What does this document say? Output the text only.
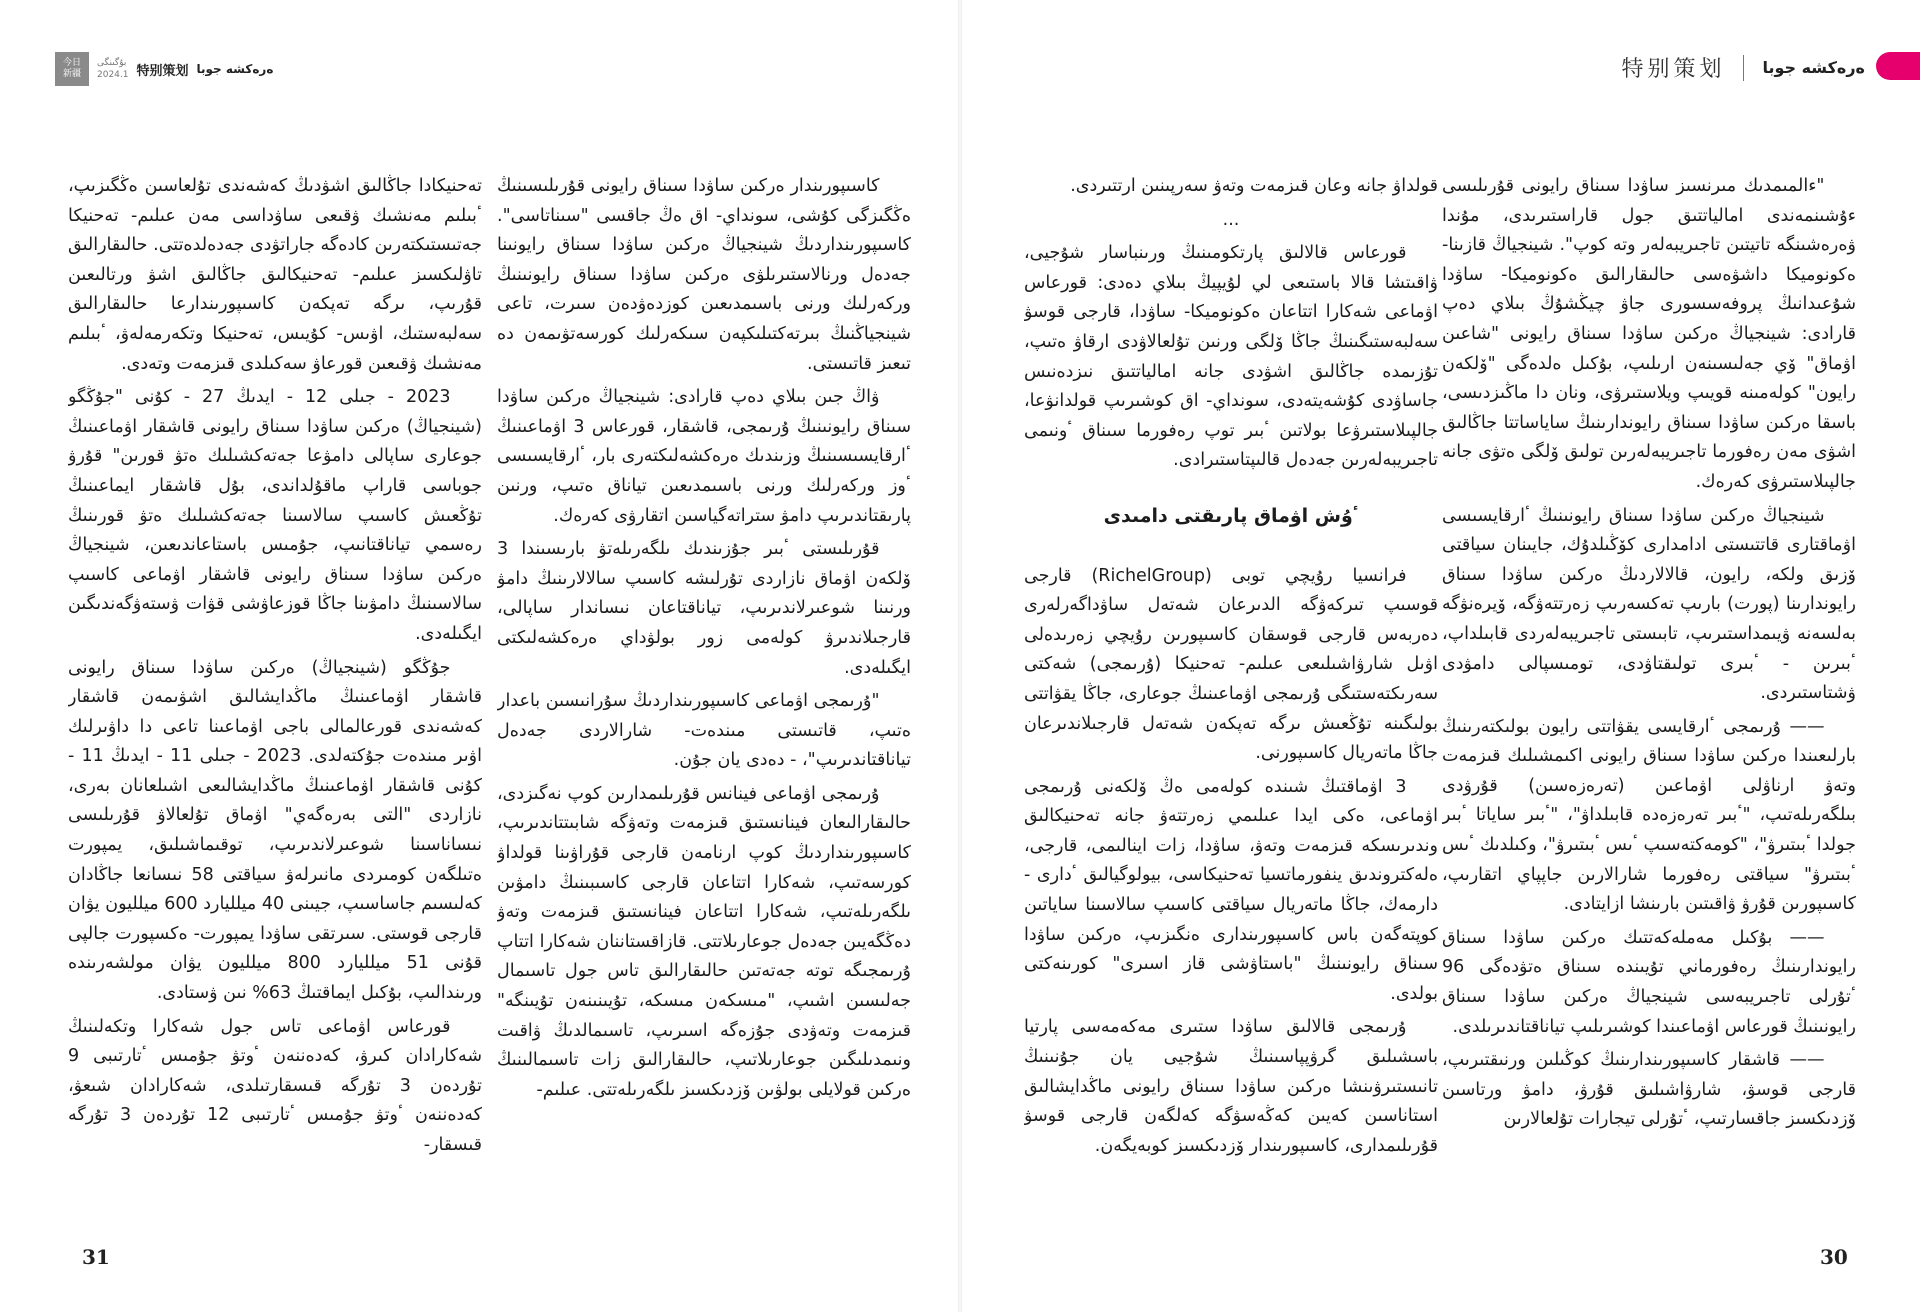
今日
新疆
بۇگىنگى
2024.1 特别策划 ەرەكشە جوبا

كاسىپورىندار ەركىن ساۋدا سىناق رايونى قۇرىلىسىنىڭ ەڭگىزگى كۇشى، سونداي- اق ەڭ جاقسى "سىناتاسى". كاسىپورىنداردىڭ شينجياڭ ەركىن ساۋدا سىناق رايونىنا جەدەل ورنالاستىرىلۋى ەركىن ساۋدا سىناق رايونىنىڭ وركەرلىك ورنى باسىمدىعىن كوزدەۋدەن سىرت، تاعى شينجياڭنىڭ بىرتەكتىلىكپەن سىكەرلىك كورسەتۋىمەن دە تىعىز قاتىستى.

ۋاڭ جىن بىلاي دەپ قارادى: شينجياڭ ەركىن ساۋدا سىناق رايونىنىڭ ۇرىمجى، قاشقار، قورعاس 3 اۋماعىنىڭ ٴارقايسىسىنىڭ وزىندىك ەرەكشەلىكتەرى بار، ٴارقايسىسى ٴوز وركەرلىك ورنى باسىمدىعىن تياناق ەتىپ، ورنىن پارىقتاندىرىپ دامۋ ستراتەگياسىن اتقارۋى كەرەك.

قۇرىلىستى ٴبىر جۇزىندىك ىلگەرىلەتۋ بارىسىندا 3 ۆلكەن اۋماق نازاردى تۇرلىشە كاسىپ سالالارىنىڭ دامۋ ورنىنا شوعىرلاندىرىپ، تياناقتاعان نىساندار ساپالى، قارجىلاندىرۋ كولەمى زور بولۋداي ەرەكشەلىكتى ايگىلەدى.

"ۇرىمجى اۋماعى كاسىپورىنداردىڭ سۇرانىسىن باعدار ەتىپ، قاتىستى مىندەت- شارالاردى جەدەل تياناقتاندىرىپ"، - دەدى يان جۇن.

ۇرىمجى اۋماعى فينانس قۇرىلىمدارىن كوپ نەگىزدى، حالىقارالىعان فينانستىق قىزمەت وتەۋگە شابىتتاندىرىپ، كاسىپورىنداردىڭ كوپ ارنامەن قارجى قۇراۋىنا قولداۋ كورسەتىپ، شەكارا اتتاعان قارجى كاسىبىنىڭ دامۋىن ىلگەرىلەتىپ، شەكارا اتتاعان فينانستىق قىزمەت وتەۋ دەڭگەيىن جەدەل جوعارىلاتتى. قازاقستاننان شەكارا اتتاپ ۇرىمجىگە توتە جەتەتىن حالىقارالىق تاس جول تاسىمال جەلىسىن اشىپ، "مىسكەن مىسكە، تۇيىنىنەن تۇيىنگە" قىزمەت وتەۋدى جۇزەگە اسىرىپ، تاسىمالدىڭ ۋاقىت ونىمدىلىگىن جوعارىلاتىپ، حالىقارالىق زات تاسىمالىنىڭ ەركىن قولايلى بولۋىن ۆزدىكسىز ىلگەرىلەتتى. عىلىم-

تەحنيكادا جاڭالىق اشۋدىڭ كەشەندى تۇلعاسىن ەڭگىزىپ، ٴبىلىم مەنشىك ۋقىعى ساۋداسى مەن عىلىم- تەحنيكا جەتىستىكتەرىن كادەگە جاراتۋدى جەدەلدەتتى. حالىقارالىق تاۋلىكسىز عىلىم- تەحنيكالىق جاڭالىق اشۋ ورتالىعىن قۇرىپ، ىرگە تەپكەن كاسىپورىندارعا حالىقارالىق سەلبەستىك، اۋىس- كۇيىس، تەحنيكا وتكەرمەلەۋ، ٴبىلىم مەنشىك ۋقىعىن قورعاۋ سەكىلدى قىزمەت وتەدى.

2023 - جىلى 12 - ايدىڭ 27 - كۇنى "جۇڭگو (شينجياڭ) ەركىن ساۋدا سىناق رايونى قاشقار اۋماعىنىڭ جوعارى ساپالى دامۋعا جەتەكشىلىك ەتۋ قورىن" قۇرۋ جوباسى قاراپ ماقۇلداندى، بۇل قاشقار ايماعىنىڭ تۇڭعىش كاسىپ سالاسىنا جەتەكشىلىك ەتۋ قورىنىڭ رەسمي تياناقتانىپ، جۇمىس باستاعاندىعىن، شينجياڭ ەركىن ساۋدا سىناق رايونى قاشقار اۋماعى كاسىپ سالاسىنىڭ دامۋىنا جاڭا قوزعاۋشى قۋات ۋستەۋگەندىگىن ايگىلەدى.

جۇڭگو (شينجياڭ) ەركىن ساۋدا سىناق رايونى قاشقار اۋماعىنىڭ ماڭدايشالىق اشۋىمەن قاشقار كەشەندى قورعالمالى باجى اۋماعىنا تاعى دا داۋىرلىك اۋىر مىندەت جۇكتەلدى. 2023 - جىلى 11 - ايدىڭ 11 - كۇنى قاشقار اۋماعىنىڭ ماڭدايشالىعى اشىلعانان بەرى، نازاردى "التى بەرەگەي" اۋماق تۇلعالاۋ قۇرىلىسى نىساناسىنا شوعىرلاندىرىپ، توقىماشىلىق، يمپورت ەتىلگەن كومىردى مانىرلەۋ سياقتى 58 نىسانعا جاڭادان كەلىسىم جاساسىپ، جيىنى 40 ميلليارد 600 ميلليون يۋان قارجى قوستى. سىرتقى ساۋدا يمپورت- ەكسپورت جالپى قۇنى 51 ميلليارد 800 ميلليون يۋان مولشەرىندە ورىندالىپ، بۇكىل ايماقتىڭ 63% نىن ۋستادى.

قورعاس اۋماعى تاس جول شەكارا وتكەلىنىڭ شەكارادان كىرۋ، كەدەننەن ٴوتۋ جۇمىس ٴتارتىبى 9 تۇردەن 3 تۇرگە قىسقارتىلدى، شەكارادان شىعۋ، كەدەننەن ٴوتۋ جۇمىس ٴتارتىبى 12 تۇردەن 3 تۇرگە قىسقار-

31
特别策划 ەرەكشە جوبا

قولداۋ جانە وعان قىزمەت وتەۋ سەرپىنىن ارتتىردى.

...

قورعاس قالالىق پارتكومىنىڭ ورىنباسار شۇجيى، ۋاقىتشا قالا باستىعى لي لۇيپيڭ بىلاي دەدى: قورعاس اۋماعى شەكارا اتتاعان ەكونوميكا- ساۋدا، قارجى قوسۋ سەلبەستىگىنىڭ جاڭا ۆلگى ورنىن تۇلعالاۋدى ارقاۋ ەتىپ، تۇزىمدە جاڭالىق اشۋدى جانە امالياتتىق نىزدەنىس جاساۋدى كۇشەيتەدى، سونداي- اق كوشىرىپ قولدانۋعا، جالپىلاستىرۋعا بولاتىن ٴبىر توپ رەفورما سىناق ٴونىمى تاجىريبەلەرىن جەدەل قالىپتاستىرادى.

ٴوُش اۋماق پارىقتى دامىدى

فرانسيا رۇيچي توبى (RichelGroup) قارجى قوسىپ تىركەۋگە الدىرعان شەتەل ساۋداگەرلەرى دەربەس قارجى قوسقان كاسىپورىن رۇيچي زەرىدەلى اۋىل شارۋاشىلىعى عىلىم- تەحنيكا (ۇرىمجى) شەكتى سەرىكتەستىگى ۇرىمجى اۋماعىنىڭ جوعارى، جاڭا يقۋاتتى بولىگىنە تۇڭعىش ىرگە تەپكەن شەتەل قارجىلاندىرعان جاڭا ماتەريال كاسىپورنى.

3 اۋماقتىڭ شىندە كولەمى ەڭ ۆلكەنى ۇرىمجى اۋماعى، ەكى ايدا عىلىمي زەرتتەۋ جانە تەحنيكالىق وندىرىسكە قىزمەت وتەۋ، ساۋدا، زات اينالىمى، قارجى، ەلەكتروندىق ينفورماتسيا تەحنيكاسى، بيولوگيالىق ٴدارى - دارمەك، جاڭا ماتەريال سياقتى كاسىپ سالاسىنا ساياتىن كوپتەگەن باس كاسىپورىندارى ەنگىزىپ، ەركىن ساۋدا سىناق رايونىنىڭ "باستاۋشى قاز اسىرى" كورىنەكتى بولدى.

ۇرىمجى قالالىق ساۋدا ستىرى مەكەمەسى پارتيا باسشىلىق گرۋپپاسىنىڭ شۇجيى يان جۇنىنىڭ تانىستىرۋىنشا ەركىن ساۋدا سىناق رايونى ماڭدايشالىق استاناسىن كەيىن كەڭەسۋگە كەلگەن قارجى قوسۋ قۇرىلىمدارى، كاسىپورىندار ۆزدىكسىز كوبەيگەن.

"ءالمىمدىك مىرنسىز ساۋدا سىناق رايونى قۇرىلىسى ءۇشىنمەندى امالياتتىق جول قاراستىرىدى، مۇندا ۋەرەشىنگە تاتيتىن تاجىريبەلەر وتە كوپ". شينجياڭ قازىنا-ەكونوميكا داشۋەسى حالىقارالىق ەكونوميكا- ساۋدا شۇعىدانىڭ پروفەسسورى جاۋ چيڭشۇڭ بىلاي دەپ قارادى: شينجياڭ ەركىن ساۋدا سىناق رايونى "شاعىن اۋماق" ۆي جەلىسىنەن ارىلىپ، بۇكىل ەلدەگى "ۆلكەن رايون" كولەمىنە قويىپ ويلاستىرۋى، ونان دا ماڭىزدىسى، باسقا ەركىن ساۋدا سىناق رايوندارىنىڭ ساياساتتا جاڭالىق اشۋى مەن رەفورما تاجىريبەلەرىن تولىق ۆلگى ەتۋى جانە جالپىلاستىرۋى كەرەك.

شينجياڭ ەركىن ساۋدا سىناق رايونىنىڭ ٴارقايسىسى اۋماقتارى قاتتىستى ادامدارى كۆڭىلدۇك، جايىنان سياقتى ۆزىق ولكە، رايون، قالالاردىڭ ەركىن ساۋدا سىناق رايوندارىنا (پورت) بارىپ تەكسەرىپ زەرتتەۋگە، ۆيرەنۋگە بەلسەنە ۋيىمداستىرىپ، تابىستى تاجىريبەلەردى قابىلداپ، ٴبىرىن - ٴبىرى تولىقتاۋدى، تومىسپالى دامۋدى ۋشتاستىردى.

—— ۇرىمجى ٴارقايسى يقۋاتتى رايون بولىكتەرىنىڭ بارلىعىندا ەركىن ساۋدا سىناق رايونى اكىمشىلىك قىزمەت وتەۋ ارناۋلى اۋماعىن (تەرەزەسىن) قۇرۋدى بىلگەرىلەتىپ، "ٴبىر تەرەزەدە قابىلداۋ"، "ٴبىر ساياتا ٴبىر جولدا ٴبىتىرۋ"، "كومەكتەسىپ ٴىس ٴبىتىرۋ"، وكىلدىك ٴىس ٴبىتىرۋ" سياقتى رەفورما شارالارىن جاپپاي اتقارىپ، كاسىپورىن قۇرۋ ۋاقىتىن بارىنشا ازايتادى.

—— بۇكىل مەملەكەتتىك ەركىن ساۋدا سىناق رايوندارىنىڭ رەفورماني تۇيىندە سىناق ەتۋدەگى 96 ٴتۇرلى تاجىريبەسى شينجياڭ ەركىن ساۋدا سىناق رايونىنىڭ قورعاس اۋماعىندا كوشىرىلىپ تياناقتاندىرىلدى.

—— قاشقار كاسىپورىندارىنىڭ كوڭىلىن ورنىقتىرىپ، قارجى قوسۋ، شارۋاشىلىق قۇرۋ، دامۋ ورتاسىن ۆزدىكسىز جاقسارتىپ، ٴتۇرلى تيجارات تۇلعالارىن

30
